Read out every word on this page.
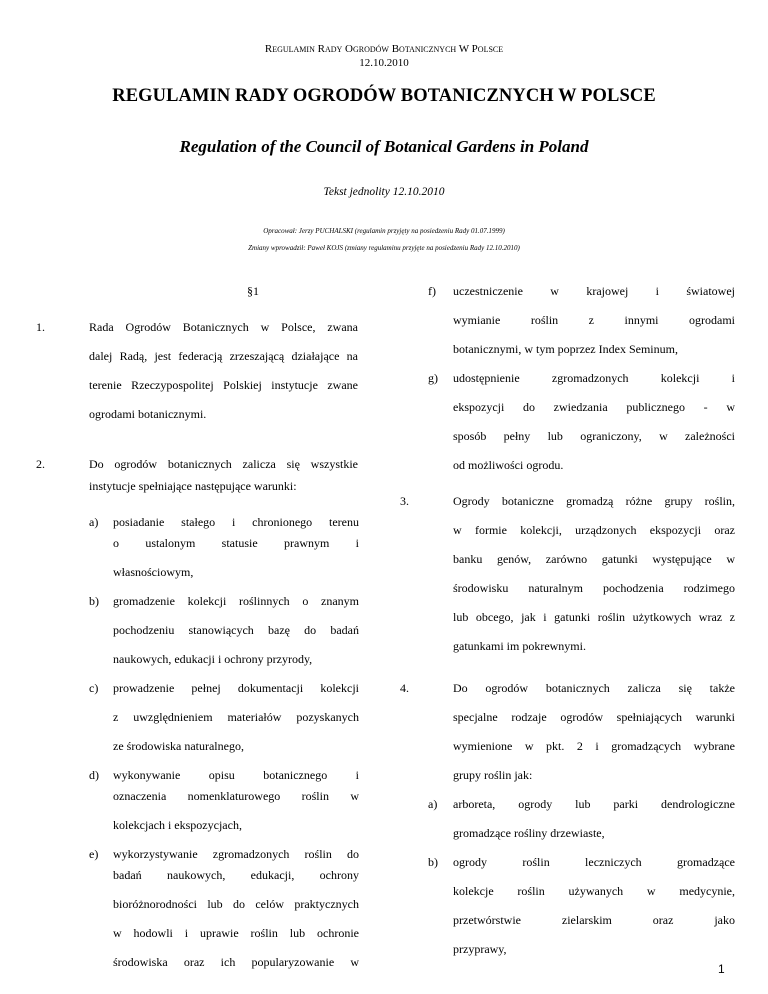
Regulamin Rady Ogrodów Botanicznych W Polsce
12.10.2010
REGULAMIN RADY OGRODÓW BOTANICZNYCH W POLSCE
Regulation of the Council of Botanical Gardens in Poland
Tekst jednolity 12.10.2010
Opracował: Jerzy PUCHALSKI (regulamin przyjęty na posiedzeniu Rady 01.07.1999)
Zmiany wprowadził: Paweł KOJS (zmiany regulaminu przyjęte na posiedzeniu Rady 12.10.2010)
§1
1.	Rada Ogrodów Botanicznych w Polsce, zwana
dalej Radą, jest federacją zrzeszającą działające na
terenie Rzeczypospolitej Polskiej instytucje zwane
ogrodami botanicznymi.
2.	Do ogrodów botanicznych zalicza się wszystkie
instytucje spełniające następujące warunki:
a) posiadanie stałego i chronionego terenu
o ustalonym statusie prawnym i
własnościowym,
b) gromadzenie kolekcji roślinnych o znanym
pochodzeniu stanowiących bazę do badań
naukowych, edukacji i ochrony przyrody,
c) prowadzenie pełnej dokumentacji kolekcji
z uwzględnieniem materiałów pozyskanych
ze środowiska naturalnego,
d) wykonywanie opisu botanicznego i
oznaczenia nomenklaturowego roślin w
kolekcjach i ekspozycjach,
e) wykorzystywanie zgromadzonych roślin do
badań naukowych, edukacji, ochrony
bioróżnorodności lub do celów praktycznych
w hodowli i uprawie roślin lub ochronie
środowiska oraz ich popularyzowanie w
f) uczestniczenie w krajowej i światowej
wymianie roślin z innymi ogrodami
botanicznymi, w tym poprzez Index Seminum,
g) udostępnienie zgromadzonych kolekcji i
ekspozycji do zwiedzania publicznego - w
sposób pełny lub ograniczony, w zależności
od możliwości ogrodu.
3.	Ogrody botaniczne gromadzą różne grupy roślin,
w formie kolekcji, urządzonych ekspozycji oraz
banku genów, zarówno gatunki występujące w
środowisku naturalnym pochodzenia rodzimego
lub obcego, jak i gatunki roślin użytkowych wraz z
gatunkami im pokrewnymi.
4.	Do ogrodów botanicznych zalicza się także
specjalne rodzaje ogrodów spełniających warunki
wymienione w pkt. 2 i gromadzących wybrane
grupy roślin jak:
a) arboreta, ogrody lub parki dendrologiczne
gromadzące rośliny drzewiaste,
b) ogrody roślin leczniczych gromadzące
kolekcje roślin używanych w medycynie,
przetwórstwie zielarskim oraz jako
przyprawy,
1
